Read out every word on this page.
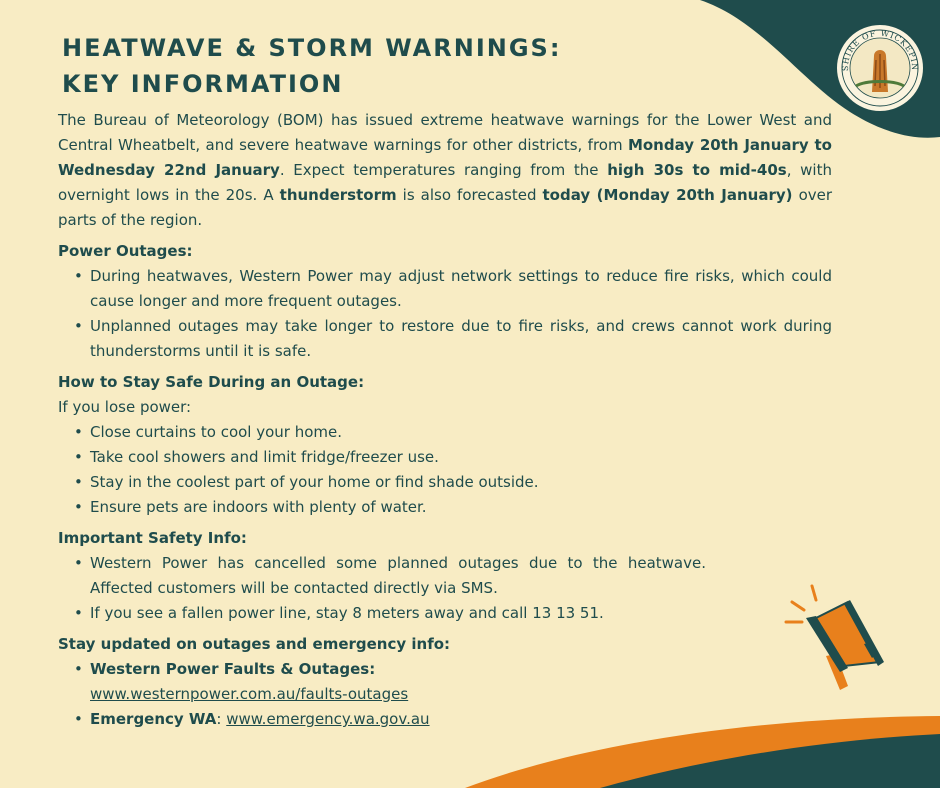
SHIRE OF WICKEPIN
HEATWAVE & STORM WARNINGS:
KEY INFORMATION

The Bureau of Meteorology (BOM) has issued extreme heatwave warnings for the Lower West and Central Wheatbelt, and severe heatwave warnings for other districts, from Monday 20th January to Wednesday 22nd January. Expect temperatures ranging from the high 30s to mid-40s, with overnight lows in the 20s. A thunderstorm is also forecasted today (Monday 20th January) over parts of the region.

Power Outages:
• During heatwaves, Western Power may adjust network settings to reduce fire risks, which could cause longer and more frequent outages.
• Unplanned outages may take longer to restore due to fire risks, and crews cannot work during thunderstorms until it is safe.
How to Stay Safe During an Outage:
If you lose power:
• Close curtains to cool your home.
• Take cool showers and limit fridge/freezer use.
• Stay in the coolest part of your home or find shade outside.
• Ensure pets are indoors with plenty of water.
Important Safety Info:
• Western Power has cancelled some planned outages due to the heatwave. Affected customers will be contacted directly via SMS.
• If you see a fallen power line, stay 8 meters away and call 13 13 51.
Stay updated on outages and emergency info:
• Western Power Faults & Outages:
www.westernpower.com.au/faults-outages
• Emergency WA: www.emergency.wa.gov.au
